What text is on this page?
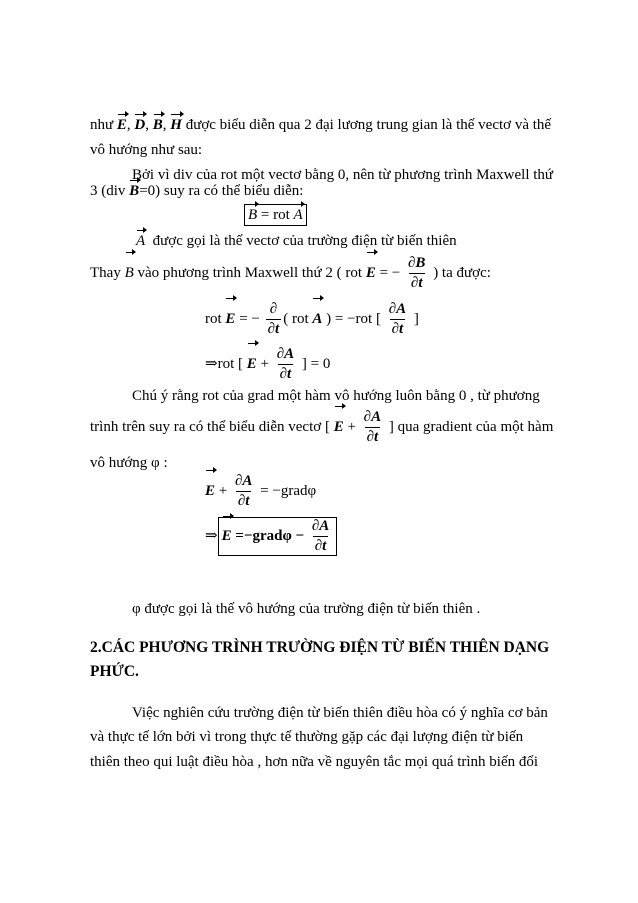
như E, D, B, H được biểu diễn qua 2 đại lương trung gian là thế vectơ và thế
vô hướng như sau:
Bởi vì div của rot một vectơ bằng 0, nên từ phương trình Maxwell thứ
3 (div B=0) suy ra có thể biểu diễn:
B = rot A
A được gọi là thế vectơ của trường điện từ biến thiên
Thay B vào phương trình Maxwell thứ 2 ( rot E = − $\frac{\partial B}{\partial t}$ ) ta được:
rot E = − $\frac{\partial}{\partial t}$ ( rot A ) = −rot [ $\frac{\partial A}{\partial t}$ ]
⇒rot [ $E + \frac{\partial A}{\partial t}$ ] = 0
Chú ý rằng rot của grad một hàm vô hướng luôn bằng 0 , từ phương
trình trên suy ra có thể biểu diễn vectơ [ $E + \frac{\partial A}{\partial t}$ ] qua gradient của một hàm
vô hướng φ :
$E + \frac{\partial A}{\partial t}$ = −gradφ
⇒ E =−gradφ − $\frac{\partial A}{\partial t}$
φ được gọi là thế vô hướng của trường điện từ biến thiên .
2.CÁC PHƯƠNG TRÌNH TRƯỜNG ĐIỆN TỪ BIẾN THIÊN DẠNG
PHỨC.
Việc nghiên cứu trường điện từ biến thiên điều hòa có ý nghĩa cơ bản
và thực tế lớn bởi vì trong thực tế thường gặp các đại lượng điện từ biến
thiên theo qui luật điều hòa , hơn nữa về nguyên tắc mọi quá trình biến đổi
